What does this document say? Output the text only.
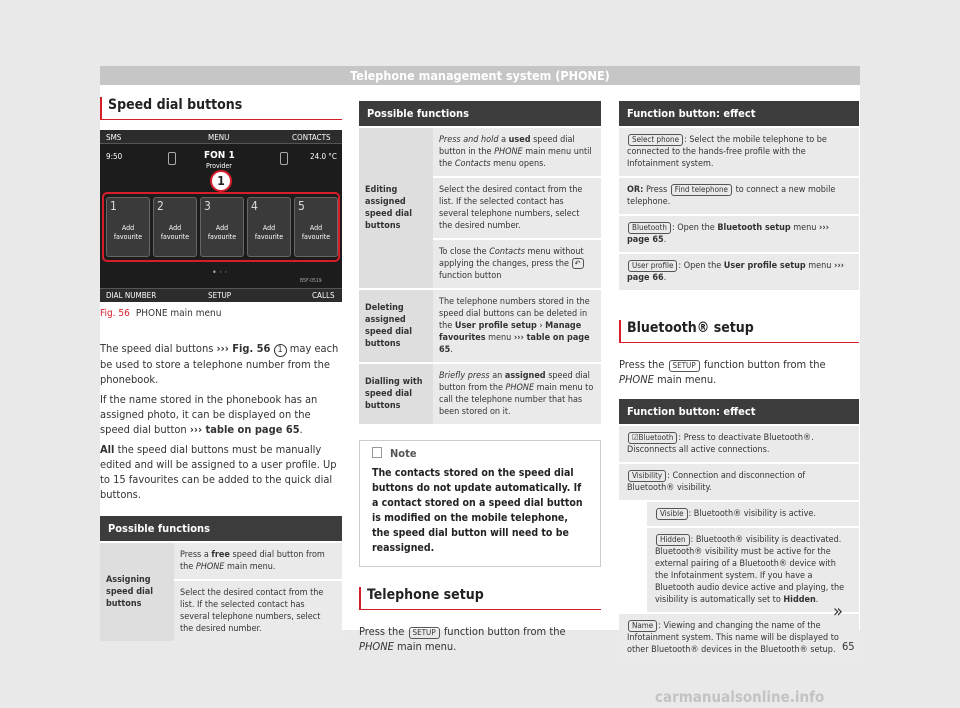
Telephone management system (PHONE)
Speed dial buttons
SMS	MENU	CONTACTS
9:50	FON 1
Provider
24.0 °C
1
1
Add favourite
2
Add favourite
3
Add favourite
4
Add favourite
5
Add favourite
DIAL NUMBER	SETUP	CALLS
B5F-0519
• · ·
Fig. 56 PHONE main menu

The speed dial buttons ››› Fig. 56 1 may each be used to store a telephone number from the phonebook.

If the name stored in the phonebook has an assigned photo, it can be displayed on the speed dial button ››› table on page 65.

All the speed dial buttons must be manually edited and will be assigned to a user profile. Up to 15 favourites can be added to the quick dial buttons.

Possible functions
Assigning speed dial buttons	Press a free speed dial button from the PHONE main menu.
Select the desired contact from the list. If the selected contact has several telephone numbers, select the desired number.
Possible functions	
Editing assigned speed dial buttons	Press and hold a used speed dial button in the PHONE main menu until the Contacts menu opens.
	Select the desired contact from the list. If the selected contact has several telephone numbers, select the desired number.
	To close the Contacts menu without applying the changes, press the ↶ function button
Deleting assigned speed dial buttons	The telephone numbers stored in the speed dial buttons can be deleted in the User profile setup › Manage favourites menu ››› table on page 65.
Dialling with speed dial buttons	Briefly press an assigned speed dial button from the PHONE main menu to call the telephone number that has been stored on it.
Note
The contacts stored on the speed dial buttons do not update automatically. If a contact stored on a speed dial button is modified on the mobile telephone, the speed dial button will need to be reassigned.
Telephone setup

Press the SETUP function button from the PHONE main menu.

Function button: effect
Select phone : Select the mobile telephone to be connected to the hands-free profile with the Infotainment system.
OR: Press Find telephone to connect a new mobile telephone.
Bluetooth : Open the Bluetooth setup menu ››› page 65.
User profile : Open the User profile setup menu ››› page 66.
Bluetooth® setup

Press the SETUP function button from the PHONE main menu.

Function button: effect
☑Bluetooth : Press to deactivate Bluetooth®. Disconnects all active connections.
Visibility : Connection and disconnection of Bluetooth® visibility.
Visible : Bluetooth® visibility is active.
Hidden : Bluetooth® visibility is deactivated. Bluetooth® visibility must be active for the external pairing of a Bluetooth® device with the Infotainment system. If you have a Bluetooth audio device active and playing, the visibility is automatically set to Hidden.
Name : Viewing and changing the name of the Infotainment system. This name will be displayed to other Bluetooth® devices in the Bluetooth® setup.
»
65
carmanualsonline.info
